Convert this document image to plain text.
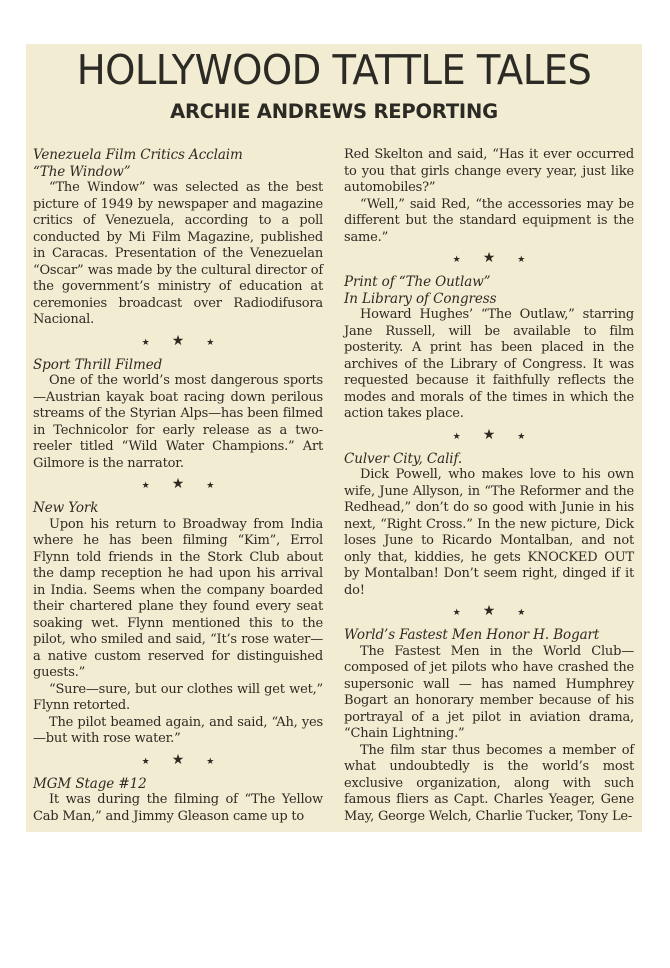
HOLLYWOOD TATTLE TALES
ARCHIE ANDREWS REPORTING
Venezuela Film Critics Acclaim
“The Window”

“The Window” was selected as the best picture of 1949 by newspaper and magazine critics of Venezuela, according to a poll conducted by Mi Film Magazine, published in Caracas. Presentation of the Venezuelan “Oscar” was made by the cultural director of the government’s ministry of education at ceremonies broadcast over Radiodifusora Nacional.

★★★
Sport Thrill Filmed

One of the world’s most dangerous sports —Austrian kayak boat racing down perilous streams of the Styrian Alps—has been filmed in Technicolor for early release as a two-reeler titled “Wild Water Champions.” Art Gilmore is the narrator.

★★★
New York

Upon his return to Broadway from India where he has been filming “Kim”, Errol Flynn told friends in the Stork Club about the damp reception he had upon his arrival in India. Seems when the company boarded their chartered plane they found every seat soaking wet. Flynn mentioned this to the pilot, who smiled and said, “It’s rose water—a native custom reserved for distinguished guests.”

“Sure—sure, but our clothes will get wet,” Flynn retorted.

The pilot beamed again, and said, “Ah, yes —but with rose water.”

★★★
MGM Stage #12

It was during the filming of “The Yellow Cab Man,” and Jimmy Gleason came up to

Red Skelton and said, “Has it ever occurred to you that girls change every year, just like automobiles?”

“Well,” said Red, “the accessories may be different but the standard equipment is the same.”

★★★
Print of “The Outlaw”
In Library of Congress

Howard Hughes’ “The Outlaw,” starring Jane Russell, will be available to film posterity. A print has been placed in the archives of the Library of Congress. It was requested because it faithfully reflects the modes and morals of the times in which the action takes place.

★★★
Culver City, Calif.

Dick Powell, who makes love to his own wife, June Allyson, in “The Reformer and the Redhead,” don’t do so good with Junie in his next, “Right Cross.” In the new picture, Dick loses June to Ricardo Montalban, and not only that, kiddies, he gets KNOCKED OUT by Montalban! Don’t seem right, dinged if it do!

★★★
World’s Fastest Men Honor H. Bogart

The Fastest Men in the World Club—composed of jet pilots who have crashed the supersonic wall — has named Humphrey Bogart an honorary member because of his portrayal of a jet pilot in aviation drama, “Chain Lightning.”

The film star thus becomes a member of what undoubtedly is the world’s most exclusive organization, along with such famous fliers as Capt. Charles Yeager, Gene May, George Welch, Charlie Tucker, Tony Le-
